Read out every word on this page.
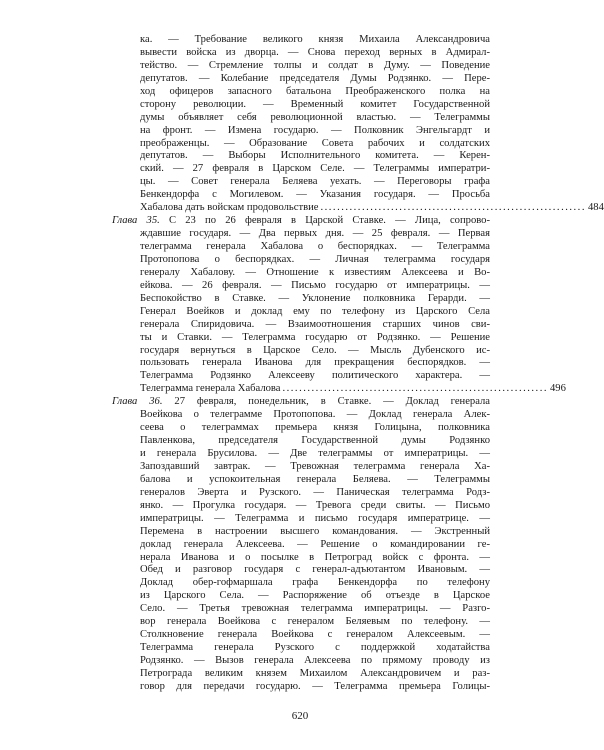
ка. — Требование великого князя Михаила Александровича
вывести войска из дворца. — Снова переход верных в Адмирал-
тейство. — Стремление толпы и солдат в Думу. — Поведение
депутатов. — Колебание председателя Думы Родзянко. — Пере-
ход офицеров запасного батальона Преображенского полка на
сторону революции. — Временный комитет Государственной
думы объявляет себя революционной властью. — Телеграммы
на фронт. — Измена государю. — Полковник Энгельгардт и
преображенцы. — Образование Совета рабочих и солдатских
депутатов. — Выборы Исполнительного комитета. — Керен-
ский. — 27 февраля в Царском Селе. — Телеграммы императри-
цы. — Совет генерала Беляева уехать. — Переговоры графа
Бенкендорфа с Могилевом. — Указания государя. — Просьба
Хабалова дать войскам продовольствие ................................................................ 484
Глава 35. С 23 по 26 февраля в Царской Ставке. — Лица, сопрово-
ждавшие государя. — Два первых дня. — 25 февраля. — Первая
телеграмма генерала Хабалова о беспорядках. — Телеграмма
Протопопова о беспорядках. — Личная телеграмма государя
генералу Хабалову. — Отношение к известиям Алексеева и Во-
ейкова. — 26 февраля. — Письмо государю от императрицы. —
Беспокойство в Ставке. — Уклонение полковника Герарди. —
Генерал Воейков и доклад ему по телефону из Царского Села
генерала Спиридовича. — Взаимоотношения старших чинов сви-
ты и Ставки. — Телеграмма государю от Родзянко. — Решение
государя вернуться в Царское Село. — Мысль Дубенского ис-
пользовать генерала Иванова для прекращения беспорядков. —
Телеграмма Родзянко Алексееву политического характера. —
Телеграмма генерала Хабалова ................................................................ 496
Глава 36. 27 февраля, понедельник, в Ставке. — Доклад генерала
Воейкова о телеграмме Протопопова. — Доклад генерала Алек-
сеева о телеграммах премьера князя Голицына, полковника
Павленкова, председателя Государственной думы Родзянко
и генерала Брусилова. — Две телеграммы от императрицы. —
Запоздавший завтрак. — Тревожная телеграмма генерала Ха-
балова и успокоительная генерала Беляева. — Телеграммы
генералов Эверта и Рузского. — Паническая телеграмма Родз-
янко. — Прогулка государя. — Тревога среди свиты. — Письмо
императрицы. — Телеграмма и письмо государя императрице. —
Перемена в настроении высшего командования. — Экстренный
доклад генерала Алексеева. — Решение о командировании ге-
нерала Иванова и о посылке в Петроград войск с фронта. —
Обед и разговор государя с генерал-адъютантом Ивановым. —
Доклад обер-гофмаршала графа Бенкендорфа по телефону
из Царского Села. — Распоряжение об отъезде в Царское
Село. — Третья тревожная телеграмма императрицы. — Разго-
вор генерала Воейкова с генералом Беляевым по телефону. —
Столкновение генерала Воейкова с генералом Алексеевым. —
Телеграмма генерала Рузского с поддержкой ходатайства
Родзянко. — Вызов генерала Алексеева по прямому проводу из
Петрограда великим князем Михаилом Александровичем и раз-
говор для передачи государю. — Телеграмма премьера Голицы-
620
